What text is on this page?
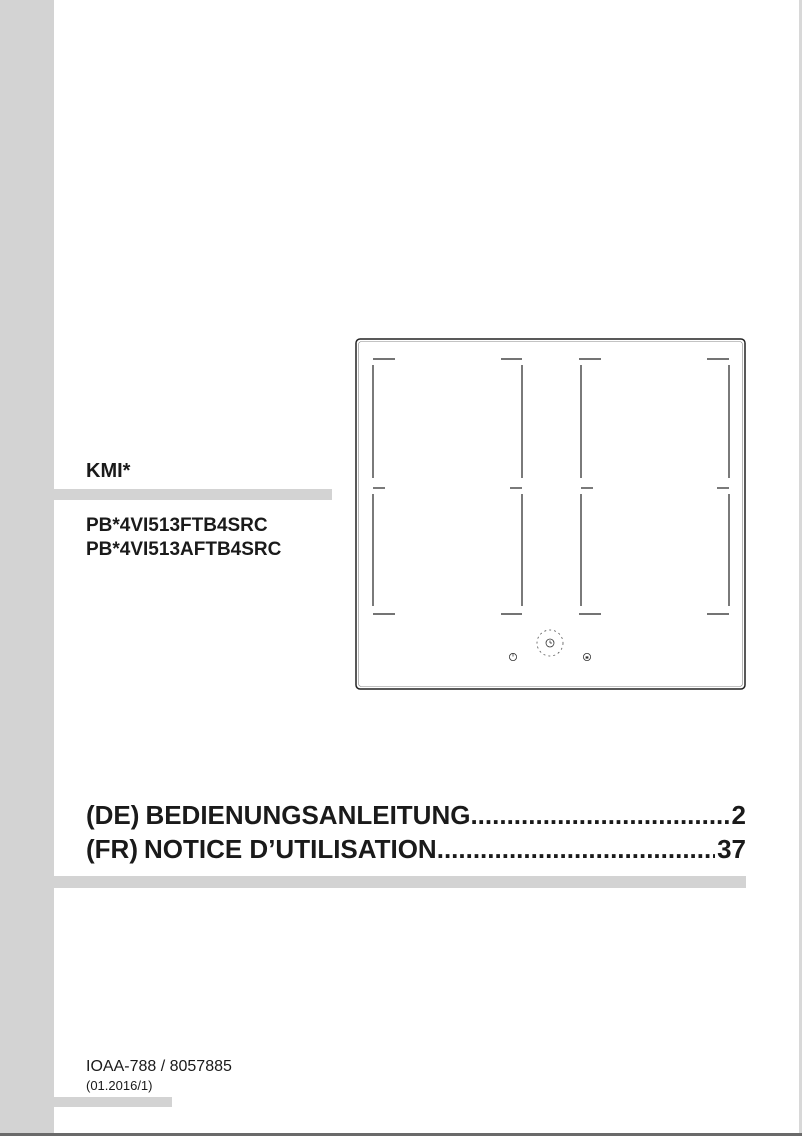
KMI*
PB*4VI513FTB4SRC
PB*4VI513AFTB4SRC
(DE) BEDIENUNGSANLEITUNG .....	2
(FR) NOTICE D’UTILISATION .....	37
IOAA-788 / 8057885
(01.2016/1)
